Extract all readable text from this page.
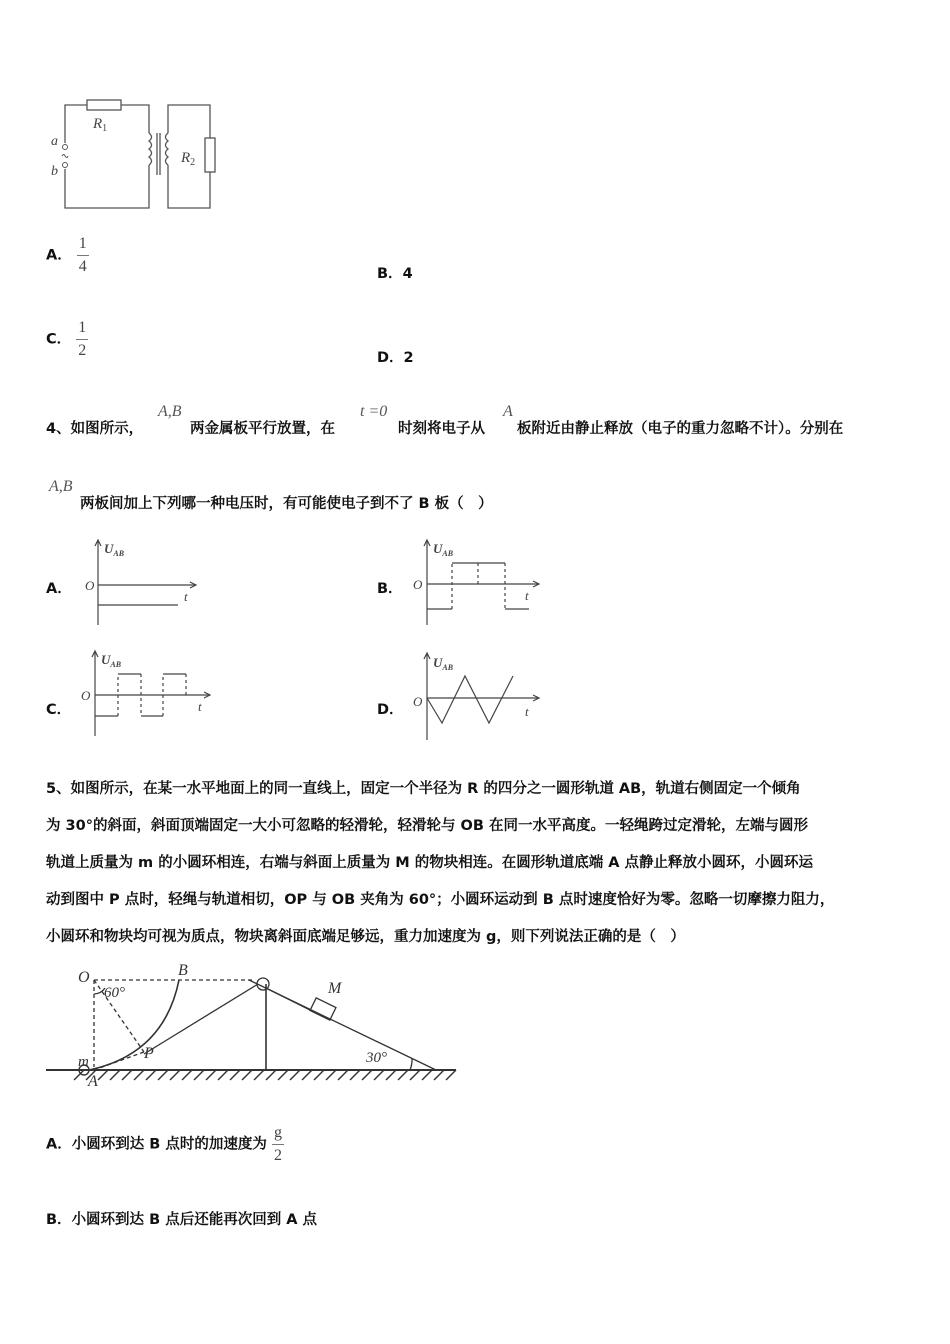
a
b
$R_1$
$R_2$
A． $\frac{1}{4}$	B．4
C． $\frac{1}{2}$	D．2
4、如图所示，
A,B
两金属板平行放置，在
t =0
时刻将电子从
A
板附近由静止释放（电子的重力忽略不计）。分别在
A,B
两板间加上下列哪一种电压时，有可能使电子到不了 B 板（　）
A．
$U_{AB}$
O
t	B．
$U_{AB}$
O
t
C．
$U_{AB}$
O
t	D．
$U_{AB}$
O
t
5、如图所示，在某一水平地面上的同一直线上，固定一个半径为 R 的四分之一圆形轨道 AB，轨道右侧固定一个倾角
为 30°的斜面，斜面顶端固定一大小可忽略的轻滑轮，轻滑轮与 OB 在同一水平高度。一轻绳跨过定滑轮，左端与圆形
轨道上质量为 m 的小圆环相连，右端与斜面上质量为 M 的物块相连。在圆形轨道底端 A 点静止释放小圆环，小圆环运
动到图中 P 点时，轻绳与轨道相切，OP 与 OB 夹角为 60°；小圆环运动到 B 点时速度恰好为零。忽略一切摩擦力阻力，
小圆环和物块均可视为质点，物块离斜面底端足够远，重力加速度为 g，则下列说法正确的是（　）
O	B
60°	M
m	P
A
30°
A．小圆环到达 B 点时的加速度为 $\frac{g}{2}$
B．小圆环到达 B 点后还能再次回到 A 点
